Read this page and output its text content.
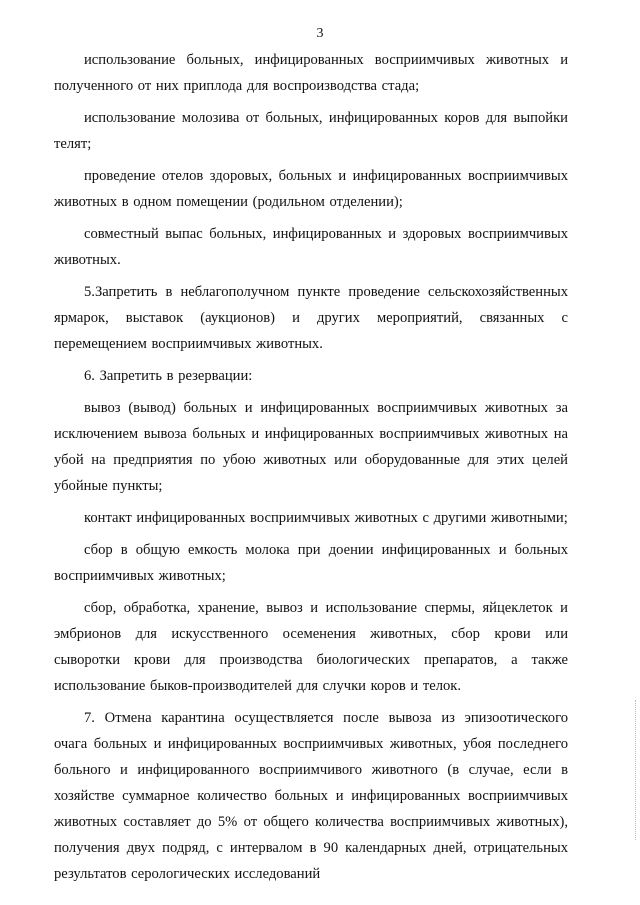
3

использование больных, инфицированных восприимчивых животных и полученного от них приплода для воспроизводства стада;

использование молозива от больных, инфицированных коров для выпойки телят;

проведение отелов здоровых, больных и инфицированных восприимчивых животных в одном помещении (родильном отделении);

совместный выпас больных, инфицированных и здоровых восприимчивых животных.

5.Запретить в неблагополучном пункте проведение сельскохозяйственных ярмарок, выставок (аукционов) и других мероприятий, связанных с перемещением восприимчивых животных.

6. Запретить в резервации:

вывоз (вывод) больных и инфицированных восприимчивых животных за исключением вывоза больных и инфицированных восприимчивых животных на убой на предприятия по убою животных или оборудованные для этих целей убойные пункты;

контакт инфицированных восприимчивых животных с другими животными;

сбор в общую емкость молока при доении инфицированных и больных восприимчивых животных;

сбор, обработка, хранение, вывоз и использование спермы, яйцеклеток и эмбрионов для искусственного осеменения животных, сбор крови или сыворотки крови для производства биологических препаратов, а также использование быков-производителей для случки коров и телок.

7. Отмена карантина осуществляется после вывоза из эпизоотического очага больных и инфицированных восприимчивых животных, убоя последнего больного и инфицированного восприимчивого животного (в случае, если в хозяйстве суммарное количество больных и инфицированных восприимчивых животных составляет до 5% от общего количества восприимчивых животных), получения двух подряд, с интервалом в 90 календарных дней, отрицательных результатов серологических исследований
